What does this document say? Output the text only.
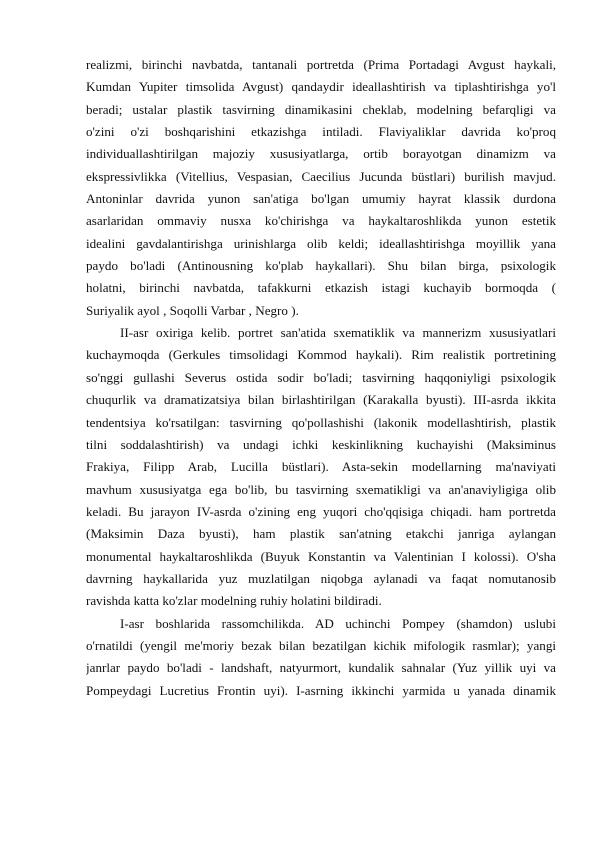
realizmi, birinchi navbatda, tantanali portretda (Prima Portadagi Avgust haykali,
Kumdan Yupiter timsolida Avgust) qandaydir ideallashtirish va tiplashtirishga yo'l
beradi; ustalar plastik tasvirning dinamikasini cheklab, modelning befarqligi va
o'zini o'zi boshqarishini etkazishga intiladi. Flaviyaliklar davrida ko'proq
individuallashtirilgan majoziy xususiyatlarga, ortib borayotgan dinamizm va
ekspressivlikka (Vitellius, Vespasian, Caecilius Jucunda büstlari) burilish mavjud.
Antoninlar davrida yunon san'atiga bo'lgan umumiy hayrat klassik durdona
asarlaridan ommaviy nusxa ko'chirishga va haykaltaroshlikda yunon estetik
idealini gavdalantirishga urinishlarga olib keldi; ideallashtirishga moyillik yana
paydo bo'ladi (Antinousning ko'plab haykallari). Shu bilan birga, psixologik
holatni, birinchi navbatda, tafakkurni etkazish istagi kuchayib bormoqda (
Suriyalik ayol , Soqolli Varbar , Negro ).
II-asr oxiriga kelib. portret san'atida sxematiklik va mannerizm xususiyatlari
kuchaymoqda (Gerkules timsolidagi Kommod haykali). Rim realistik portretining
so'nggi gullashi Severus ostida sodir bo'ladi; tasvirning haqqoniyligi psixologik
chuqurlik va dramatizatsiya bilan birlashtirilgan (Karakalla byusti). III-asrda ikkita
tendentsiya ko'rsatilgan: tasvirning qo'pollashishi (lakonik modellashtirish, plastik
tilni soddalashtirish) va undagi ichki keskinlikning kuchayishi (Maksiminus
Frakiya, Filipp Arab, Lucilla büstlari). Asta-sekin modellarning ma'naviyati
mavhum xususiyatga ega bo'lib, bu tasvirning sxematikligi va an'anaviyligiga olib
keladi. Bu jarayon IV-asrda o'zining eng yuqori cho'qqisiga chiqadi. ham portretda
(Maksimin Daza byusti), ham plastik san'atning etakchi janriga aylangan
monumental haykaltaroshlikda (Buyuk Konstantin va Valentinian I kolossi). O'sha
davrning haykallarida yuz muzlatilgan niqobga aylanadi va faqat nomutanosib
ravishda katta ko'zlar modelning ruhiy holatini bildiradi.
I-asr boshlarida rassomchilikda. AD uchinchi Pompey (shamdon) uslubi
o'rnatildi (yengil me'moriy bezak bilan bezatilgan kichik mifologik rasmlar); yangi
janrlar paydo bo'ladi - landshaft, natyurmort, kundalik sahnalar (Yuz yillik uyi va
Pompeydagi Lucretius Frontin uyi). I-asrning ikkinchi yarmida u yanada dinamik
